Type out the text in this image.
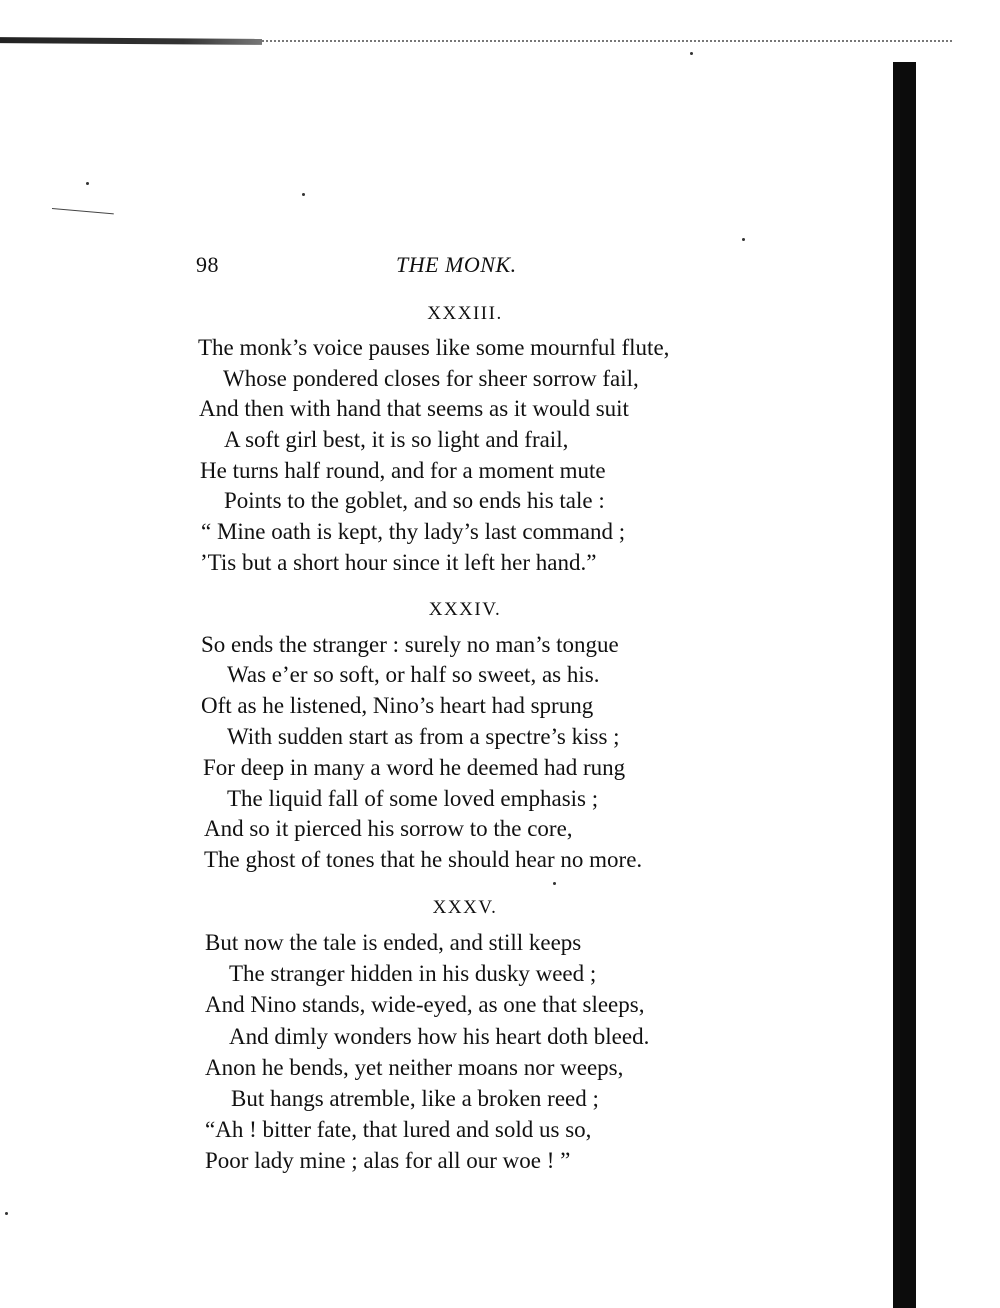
98	THE MONK.
XXXIII.
The monk’s voice pauses like some mournful flute,
Whose pondered closes for sheer sorrow fail,
And then with hand that seems as it would suit
A soft girl best, it is so light and frail,
He turns half round, and for a moment mute
Points to the goblet, and so ends his tale :
“ Mine oath is kept, thy lady’s last command ;
’Tis but a short hour since it left her hand.”
XXXIV.
So ends the stranger : surely no man’s tongue
Was e’er so soft, or half so sweet, as his.
Oft as he listened, Nino’s heart had sprung
With sudden start as from a spectre’s kiss ;
For deep in many a word he deemed had rung
The liquid fall of some loved emphasis ;
And so it pierced his sorrow to the core,
The ghost of tones that he should hear no more.
XXXV.
But now the tale is ended, and still keeps
The stranger hidden in his dusky weed ;
And Nino stands, wide-eyed, as one that sleeps,
And dimly wonders how his heart doth bleed.
Anon he bends, yet neither moans nor weeps,
But hangs atremble, like a broken reed ;
“Ah ! bitter fate, that lured and sold us so,
Poor lady mine ; alas for all our woe ! ”
